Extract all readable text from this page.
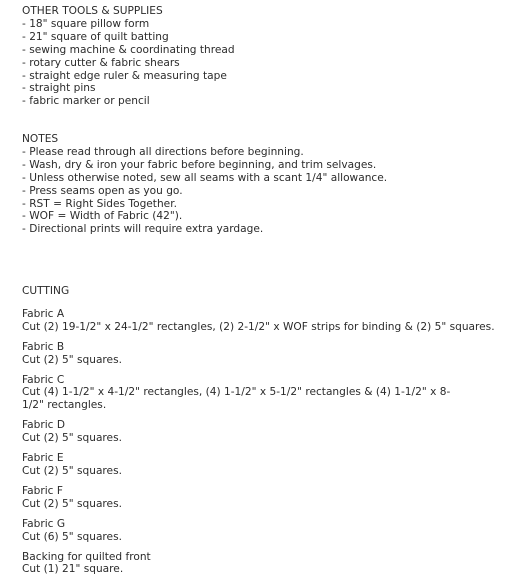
OTHER TOOLS & SUPPLIES
- 18" square pillow form
- 21" square of quilt batting
- sewing machine & coordinating thread
- rotary cutter & fabric shears
- straight edge ruler & measuring tape
- straight pins
- fabric marker or pencil
NOTES
- Please read through all directions before beginning.
- Wash, dry & iron your fabric before beginning, and trim selvages.
- Unless otherwise noted, sew all seams with a scant 1/4" allowance.
- Press seams open as you go.
- RST = Right Sides Together.
- WOF = Width of Fabric (42").
- Directional prints will require extra yardage.
CUTTING
Fabric A
Cut (2) 19-1/2" x 24-1/2" rectangles, (2) 2-1/2" x WOF strips for binding & (2) 5" squares.
Fabric B
Cut (2) 5" squares.
Fabric C
Cut (4) 1-1/2" x 4-1/2" rectangles, (4) 1-1/2" x 5-1/2" rectangles & (4) 1-1/2" x 8-1/2" rectangles.
Fabric D
Cut (2) 5" squares.
Fabric E
Cut (2) 5" squares.
Fabric F
Cut (2) 5" squares.
Fabric G
Cut (6) 5" squares.
Backing for quilted front
Cut (1) 21" square.
